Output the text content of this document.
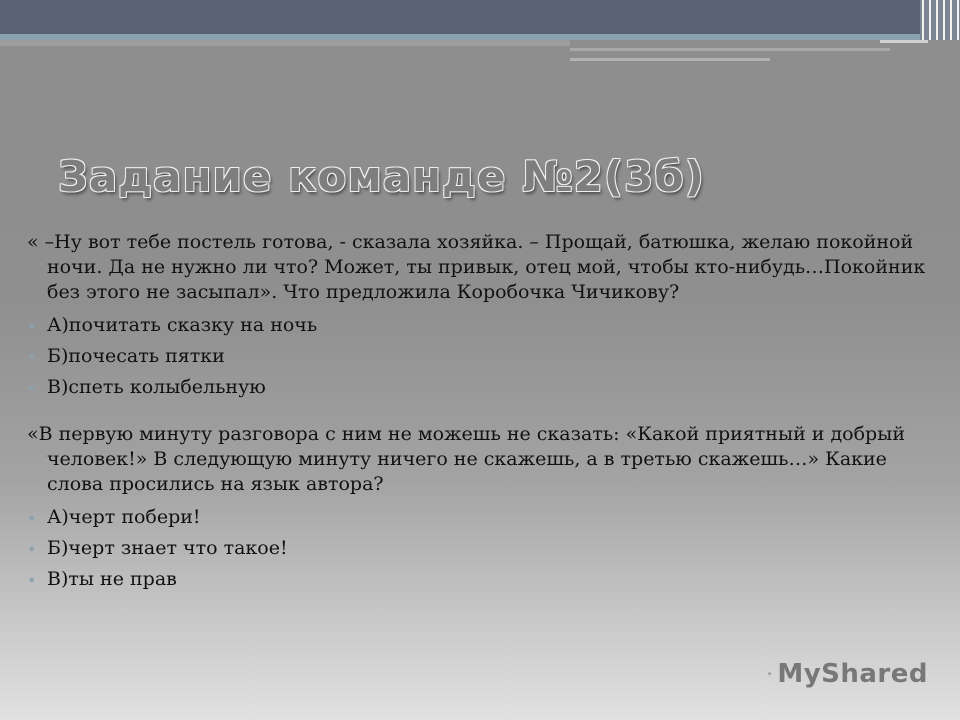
Задание команде №2(3б)

« –Ну вот тебе постель готова, - сказала хозяйка. – Прощай, батюшка, желаю покойной ночи. Да не нужно ли что? Может, ты привык, отец мой, чтобы кто-нибудь…Покойник без этого не засыпал». Что предложила Коробочка Чичикову?

• А)почитать сказку на ночь
• Б)почесать пятки
• В)спеть колыбельную

«В первую минуту разговора с ним не можешь не сказать: «Какой приятный и добрый человек!» В следующую минуту ничего не скажешь, а в третью скажешь…» Какие слова просились на язык автора?

• А)черт побери!
• Б)черт знает что такое!
• В)ты не прав
MyShared
